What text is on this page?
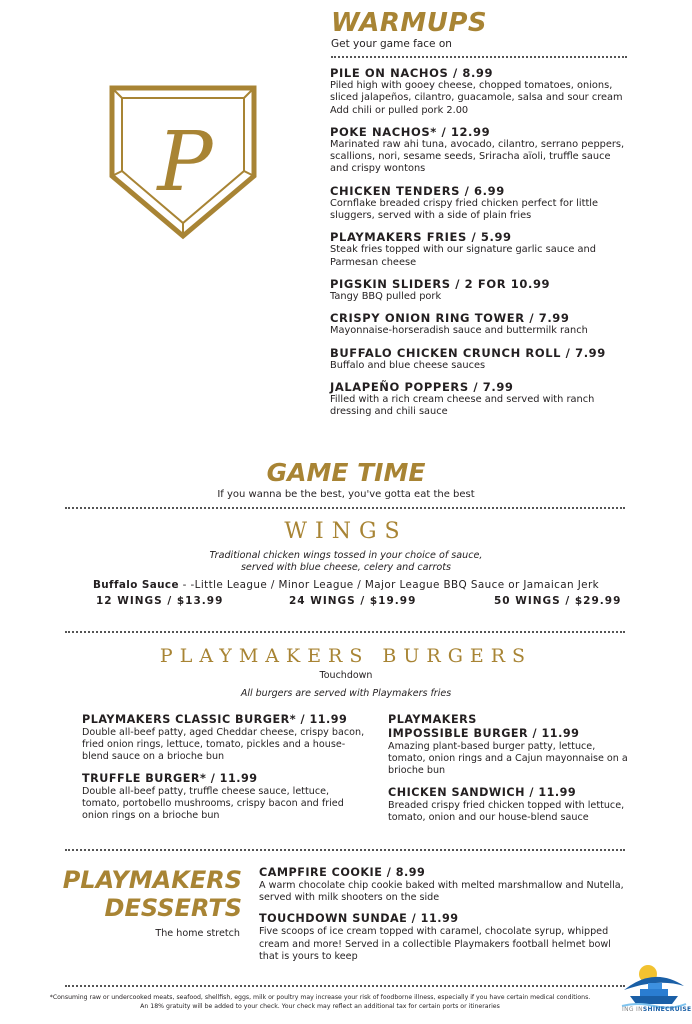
WARMUPS
Get your game face on
PILE ON NACHOS / 8.99
Piled high with gooey cheese, chopped tomatoes, onions, sliced jalapeños, cilantro, guacamole, salsa and sour cream
Add chili or pulled pork 2.00
POKE NACHOS* / 12.99
Marinated raw ahi tuna, avocado, cilantro, serrano peppers, scallions, nori, sesame seeds, Sriracha aïoli, truffle sauce and crispy wontons
CHICKEN TENDERS / 6.99
Cornflake breaded crispy fried chicken perfect for little sluggers, served with a side of plain fries
PLAYMAKERS FRIES / 5.99
Steak fries topped with our signature garlic sauce and Parmesan cheese
PIGSKIN SLIDERS / 2 FOR 10.99
Tangy BBQ pulled pork
CRISPY ONION RING TOWER / 7.99
Mayonnaise-horseradish sauce and buttermilk ranch
BUFFALO CHICKEN CRUNCH ROLL / 7.99
Buffalo and blue cheese sauces
JALAPEÑO POPPERS / 7.99
Filled with a rich cream cheese and served with ranch dressing and chili sauce
P
GAME TIME
If you wanna be the best, you've gotta eat the best
WINGS
Traditional chicken wings tossed in your choice of sauce,
served with blue cheese, celery and carrots
Buffalo Sauce - -Little League / Minor League / Major League BBQ Sauce or Jamaican Jerk
12 WINGS / $13.99	24 WINGS / $19.99	50 WINGS / $29.99
PLAYMAKERS BURGERS
Touchdown
All burgers are served with Playmakers fries
PLAYMAKERS CLASSIC BURGER* / 11.99
Double all-beef patty, aged Cheddar cheese, crispy bacon, fried onion rings, lettuce, tomato, pickles and a house-blend sauce on a brioche bun
TRUFFLE BURGER* / 11.99
Double all-beef patty, truffle cheese sauce, lettuce, tomato, portobello mushrooms, crispy bacon and fried onion rings on a brioche bun
PLAYMAKERS
IMPOSSIBLE BURGER / 11.99
Amazing plant-based burger patty, lettuce, tomato, onion rings and a Cajun mayonnaise on a brioche bun
CHICKEN SANDWICH / 11.99
Breaded crispy fried chicken topped with lettuce, tomato, onion and our house-blend sauce
PLAYMAKERS
DESSERTS
The home stretch
CAMPFIRE COOKIE / 8.99
A warm chocolate chip cookie baked with melted marshmallow and Nutella, served with milk shooters on the side
TOUCHDOWN SUNDAE / 11.99
Five scoops of ice cream topped with caramel, chocolate syrup, whipped cream and more! Served in a collectible Playmakers football helmet bowl that is yours to keep
*Consuming raw or undercooked meats, seafood, shellfish, eggs, milk or poultry may increase your risk of foodborne illness, especially if you have certain medical conditions.
An 18% gratuity will be added to your check. Your check may reflect an additional tax for certain ports or itineraries	ING INSHINECRUISE
